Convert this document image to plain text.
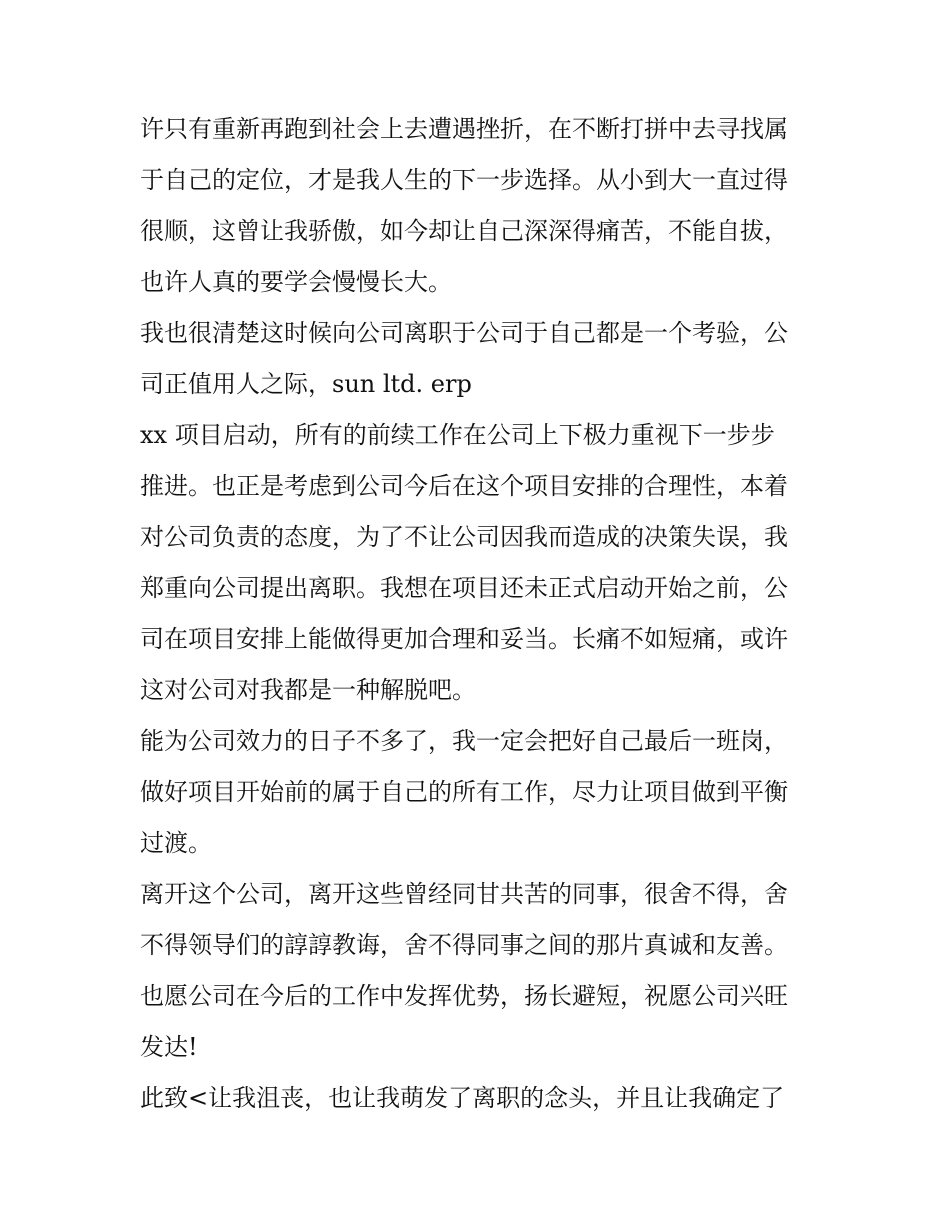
许只有重新再跑到社会上去遭遇挫折，在不断打拼中去寻找属
于自己的定位，才是我人生的下一步选择。从小到大一直过得
很顺，这曾让我骄傲，如今却让自己深深得痛苦，不能自拔，
也许人真的要学会慢慢长大。
我也很清楚这时候向公司离职于公司于自己都是一个考验，公
司正值用人之际，sun ltd. erp
xx 项目启动，所有的前续工作在公司上下极力重视下一步步
推进。也正是考虑到公司今后在这个项目安排的合理性，本着
对公司负责的态度，为了不让公司因我而造成的决策失误，我
郑重向公司提出离职。我想在项目还未正式启动开始之前，公
司在项目安排上能做得更加合理和妥当。长痛不如短痛，或许
这对公司对我都是一种解脱吧。
能为公司效力的日子不多了，我一定会把好自己最后一班岗，
做好项目开始前的属于自己的所有工作，尽力让项目做到平衡
过渡。
离开这个公司，离开这些曾经同甘共苦的同事，很舍不得，舍
不得领导们的諄諄教诲，舍不得同事之间的那片真诚和友善。
也愿公司在今后的工作中发挥优势，扬长避短，祝愿公司兴旺
发达!
此致<让我沮丧，也让我萌发了离职的念头，并且让我确定了
